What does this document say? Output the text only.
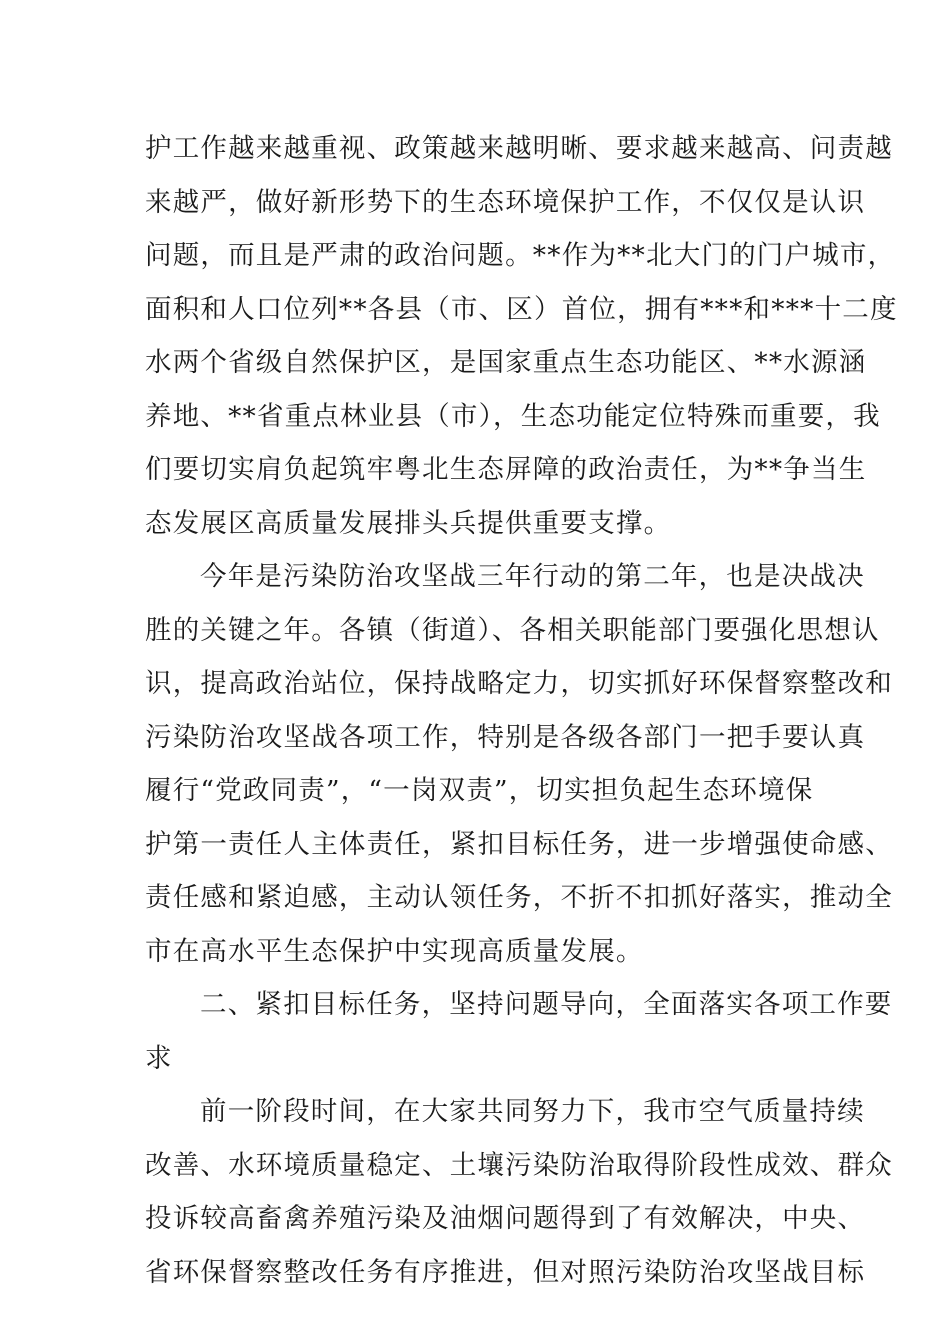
护工作越来越重视、政策越来越明晰、要求越来越高、问责越
来越严，做好新形势下的生态环境保护工作，不仅仅是认识
问题，而且是严肃的政治问题。**作为**北大门的门户城市，
面积和人口位列**各县（市、区）首位，拥有***和***十二度
水两个省级自然保护区，是国家重点生态功能区、**水源涵
养地、**省重点林业县（市），生态功能定位特殊而重要，我
们要切实肩负起筑牢粤北生态屏障的政治责任，为**争当生
态发展区高质量发展排头兵提供重要支撑。
今年是污染防治攻坚战三年行动的第二年，也是决战决
胜的关键之年。各镇（街道）、各相关职能部门要强化思想认
识，提高政治站位，保持战略定力，切实抓好环保督察整改和
污染防治攻坚战各项工作，特别是各级各部门一把手要认真
履行“党政同责”，“一岗双责”，切实担负起生态环境保
护第一责任人主体责任，紧扣目标任务，进一步增强使命感、
责任感和紧迫感，主动认领任务，不折不扣抓好落实，推动全
市在高水平生态保护中实现高质量发展。
二、紧扣目标任务，坚持问题导向，全面落实各项工作要
求
前一阶段时间，在大家共同努力下，我市空气质量持续
改善、水环境质量稳定、土壤污染防治取得阶段性成效、群众
投诉较高畜禽养殖污染及油烟问题得到了有效解决，中央、
省环保督察整改任务有序推进，但对照污染防治攻坚战目标
